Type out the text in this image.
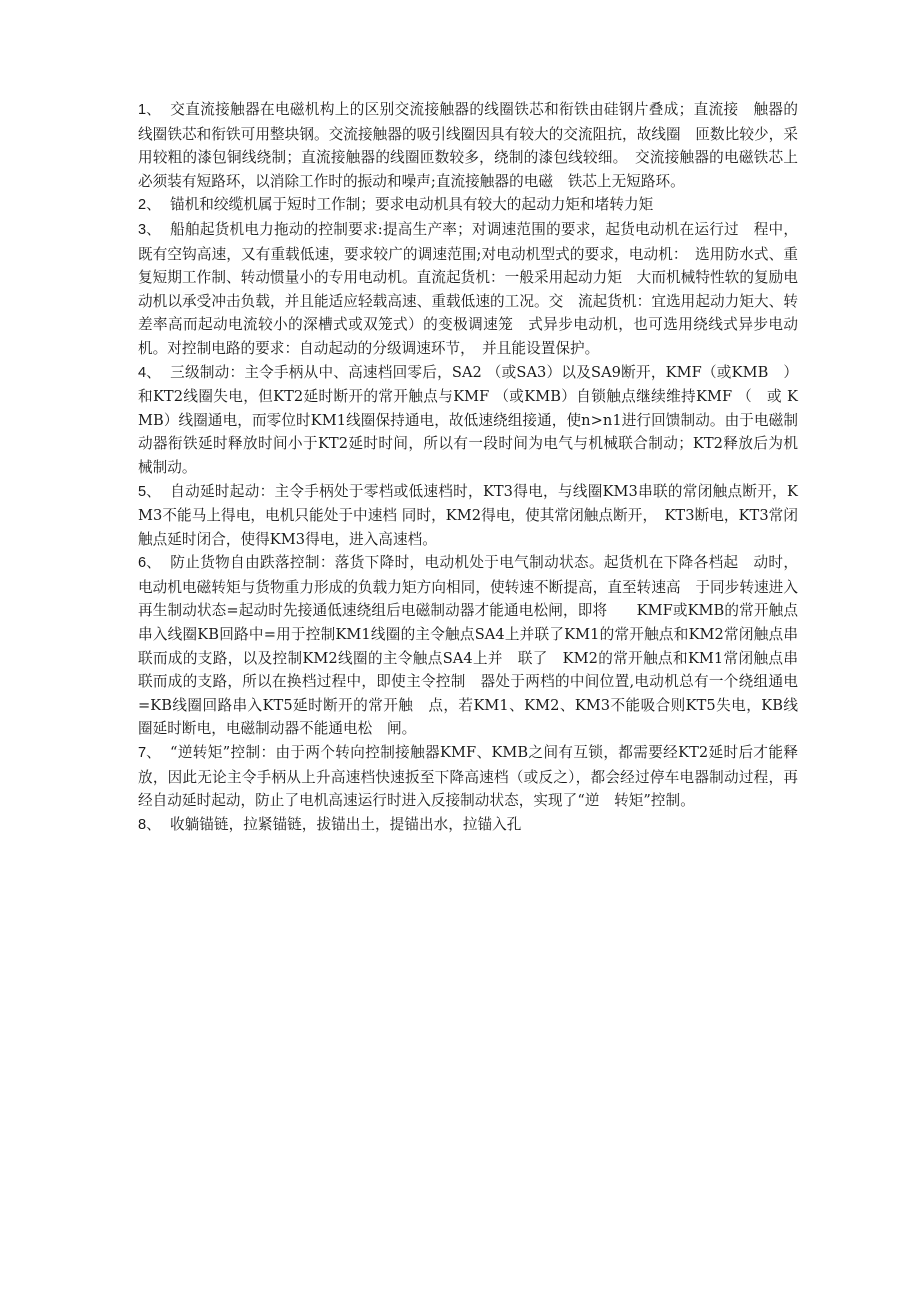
1、 交直流接触器在电磁机构上的区别交流接触器的线圈铁芯和衔铁由硅钢片叠成；直流接　触器的线圈铁芯和衔铁可用整块钢。交流接触器的吸引线圈因具有较大的交流阻抗，故线圈　匝数比较少，采用较粗的漆包铜线绕制；直流接触器的线圈匝数较多，绕制的漆包线较细。　交流接触器的电磁铁芯上必须装有短路环，以消除工作时的振动和噪声;直流接触器的电磁　铁芯上无短路环。

2、 锚机和绞缆机属于短时工作制；要求电动机具有较大的起动力矩和堵转力矩

3、 船舶起货机电力拖动的控制要求:提高生产率；对调速范围的要求，起货电动机在运行过　程中，既有空钩高速，又有重载低速，要求较广的调速范围;对电动机型式的要求，电动机：　选用防水式、重复短期工作制、转动惯量小的专用电动机。直流起货机：一般采用起动力矩　大而机械特性软的复励电动机以承受冲击负载，并且能适应轻载高速、重载低速的工况。交　流起货机：宜选用起动力矩大、转差率高而起动电流较小的深槽式或双笼式）的变极调速笼　式异步电动机，也可选用绕线式异步电动机。对控制电路的要求：自动起动的分级调速环节，　并且能设置保护。

4、 三级制动：主令手柄从中、高速档回零后，SA2 （或SA3）以及SA9断开，KMF（或KMB　） 和KT2线圈失电，但KT2延时断开的常开触点与KMF （或KMB）自锁触点继续维持KMF （　或 KMB）线圈通电，而零位时KM1线圈保持通电，故低速绕组接通，使n>n1进行回馈制动。由于电磁制动器衔铁延时释放时间小于KT2延时时间，所以有一段时间为电气与机械联合制动；KT2释放后为机械制动。

5、 自动延时起动：主令手柄处于零档或低速档时，KT3得电，与线圈KM3串联的常闭触点断开，KM3不能马上得电，电机只能处于中速档 同时，KM2得电，使其常闭触点断开，　KT3断电，KT3常闭触点延时闭合，使得KM3得电，进入高速档。

6、 防止货物自由跌落控制：落货下降时，电动机处于电气制动状态。起货机在下降各档起　动时，电动机电磁转矩与货物重力形成的负载力矩方向相同，使转速不断提高，直至转速高　于同步转速进入再生制动状态=起动时先接通低速绕组后电磁制动器才能通电松闸，即将　　KMF或KMB的常开触点串入线圈KB回路中=用于控制KM1线圈的主令触点SA4上并联了KM1的常开触点和KM2常闭触点串联而成的支路，以及控制KM2线圈的主令触点SA4上并　联了　KM2的常开触点和KM1常闭触点串联而成的支路，所以在换档过程中，即使主令控制　器处于两档的中间位置,电动机总有一个绕组通电=KB线圈回路串入KT5延时断开的常开触　点，若KM1、KM2、KM3不能吸合则KT5失电，KB线圈延时断电，电磁制动器不能通电松　闸。

7、 “逆转矩”控制：由于两个转向控制接触器KMF、KMB之间有互锁，都需要经KT2延时后才能释放，因此无论主令手柄从上升高速档快速扳至下降高速档（或反之），都会经过停车电器制动过程，再经自动延时起动，防止了电机高速运行时进入反接制动状态，实现了“逆　转矩”控制。

8、 收躺锚链，拉紧锚链，拔锚出土，提锚出水，拉锚入孔
